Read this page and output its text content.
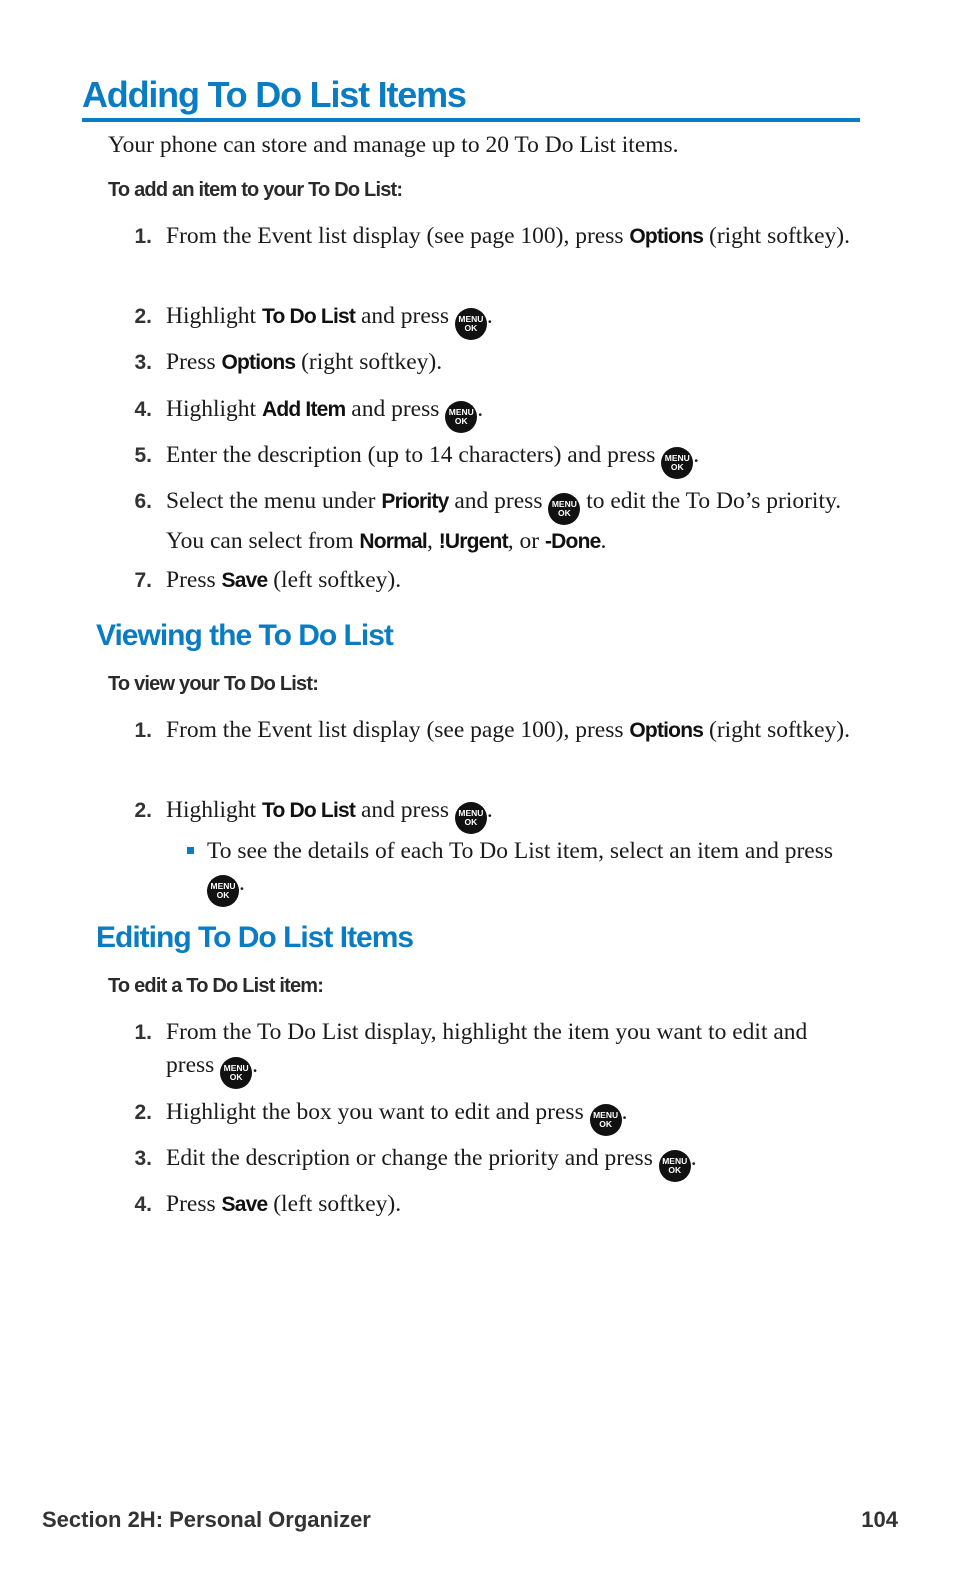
Adding To Do List Items

Your phone can store and manage up to 20 To Do List items.

To add an item to your To Do List:

1. From the Event list display (see page 100), press Options (right softkey).
2. Highlight To Do List and press MENU
OK .
3. Press Options (right softkey).
4. Highlight Add Item and press MENU
OK .
5. Enter the description (up to 14 characters) and press MENU
OK .
6. Select the menu under Priority and press MENU
OK to edit the To Do’s priority. You can select from Normal, !Urgent, or -Done.
7. Press Save (left softkey).
Viewing the To Do List

To view your To Do List:

1. From the Event list display (see page 100), press Options (right softkey).
2. Highlight To Do List and press MENU
OK .
To see the details of each To Do List item, select an item and press
MENU
OK .
Editing To Do List Items

To edit a To Do List item:

1. From the To Do List display, highlight the item you want to edit and press MENU
OK .
2. Highlight the box you want to edit and press MENU
OK .
3. Edit the description or change the priority and press MENU
OK .
4. Press Save (left softkey).
Section 2H: Personal Organizer	104
